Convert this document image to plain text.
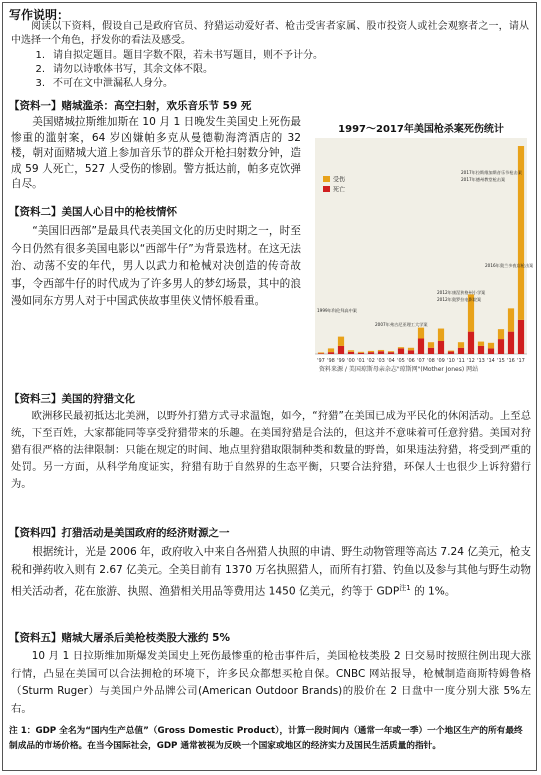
写作说明：
阅读以下资料，假设自己是政府官员、狩猎运动爱好者、枪击受害者家属、股市投资人或社会观察者之一，请从中选择一个角色，抒发你的看法及感受。
1. 请自拟定题目。题目字数不限，若未书写题目，则不予计分。
2. 请勿以诗歌体书写，其余文体不限。
3. 不可在文中泄漏私人身分。
【资料一】赌城滥杀：高空扫射，欢乐音乐节 59 死
美国赌城拉斯维加斯在 10 月 1 日晚发生美国史上死伤最惨重的滥射案，64 岁凶嫌帕多克从曼德勒海湾酒店的 32 楼，朝对面赌城大道上参加音乐节的群众开枪扫射数分钟，造成 59 人死亡，527 人受伤的惨剧。警方抵达前，帕多克饮弹自尽。
【资料二】美国人心目中的枪枝情怀
“美国旧西部”是最具代表美国文化的历史时期之一，时至今日仍然有很多美国电影以“西部牛仔”为背景选材。在这无法治、动荡不安的年代，男人以武力和枪械对决创造的传奇故事，令西部牛仔的时代成为了许多男人的梦幻场景，其中的浪漫如同东方男人对于中国武侠故事里侠义情怀般看重。
1997～2017年美国枪杀案死伤统计
'97 '98 '99 '00 '01 '02 '03 '04 '05 '06 '07 '08 '09 '10 '11 '12 '13 '14 '15 '16 '17
受伤
死亡
2017年拉斯维加斯音乐节枪击案
2017年德州教堂枪击案
2016年奥兰多夜店枪击案
2012年康涅狄格州小学案
2012年奥罗拉电影院案
1999年科伦拜高中案
2007年弗吉尼亚理工大学案
资料来源 / 美国琼斯母亲杂志"琼斯网"(Mother Jones) 网站
【资料三】美国的狩猎文化
欧洲移民最初抵达北美洲，以野外打猎方式寻求温饱，如今，“狩猎”在美国已成为平民化的休闲活动。上至总统，下至百姓，大家都能同等享受狩猎带来的乐趣。在美国狩猎是合法的，但这并不意味着可任意狩猎。美国对狩猎有很严格的法律限制：只能在规定的时间、地点里狩猎取限制种类和数量的野兽，如果违法狩猎，将受到严重的处罚。另一方面，从科学角度证实，狩猎有助于自然界的生态平衡，只要合法狩猎，环保人士也很少上诉狩猎行为。
【资料四】打猎活动是美国政府的经济财源之一
根据统计，光是 2006 年，政府收入中来自各州猎人执照的申请、野生动物管理等高达 7.24 亿美元，枪支税和弹药收入则有 2.67 亿美元。全美目前有 1370 万名执照猎人，而所有打猎、钓鱼以及参与其他与野生动物相关活动者，花在旅游、执照、渔猎相关用品等费用达 1450 亿美元，约等于 GDP$^{注1}$ 的 1%。
【资料五】赌城大屠杀后美枪枝类股大涨约 5%
10 月 1 日拉斯维加斯爆发美国史上死伤最惨重的枪击事件后，美国枪枝类股 2 日交易时按照往例出现大涨行情，凸显在美国可以合法拥枪的环境下，许多民众都想买枪自保。CNBC 网站报导，枪械制造商斯特姆鲁格（Sturm Ruger）与美国户外品牌公司(American Outdoor Brands)的股价在 2 日盘中一度分别大涨 5%左右。
注 1：GDP 全名为“国内生产总值”（Gross Domestic Product），计算一段时间内（通常一年或一季）一个地区生产的所有最终制成品的市场价格。在当今国际社会，GDP 通常被视为反映一个国家或地区的经济实力及国民生活质量的指针。
